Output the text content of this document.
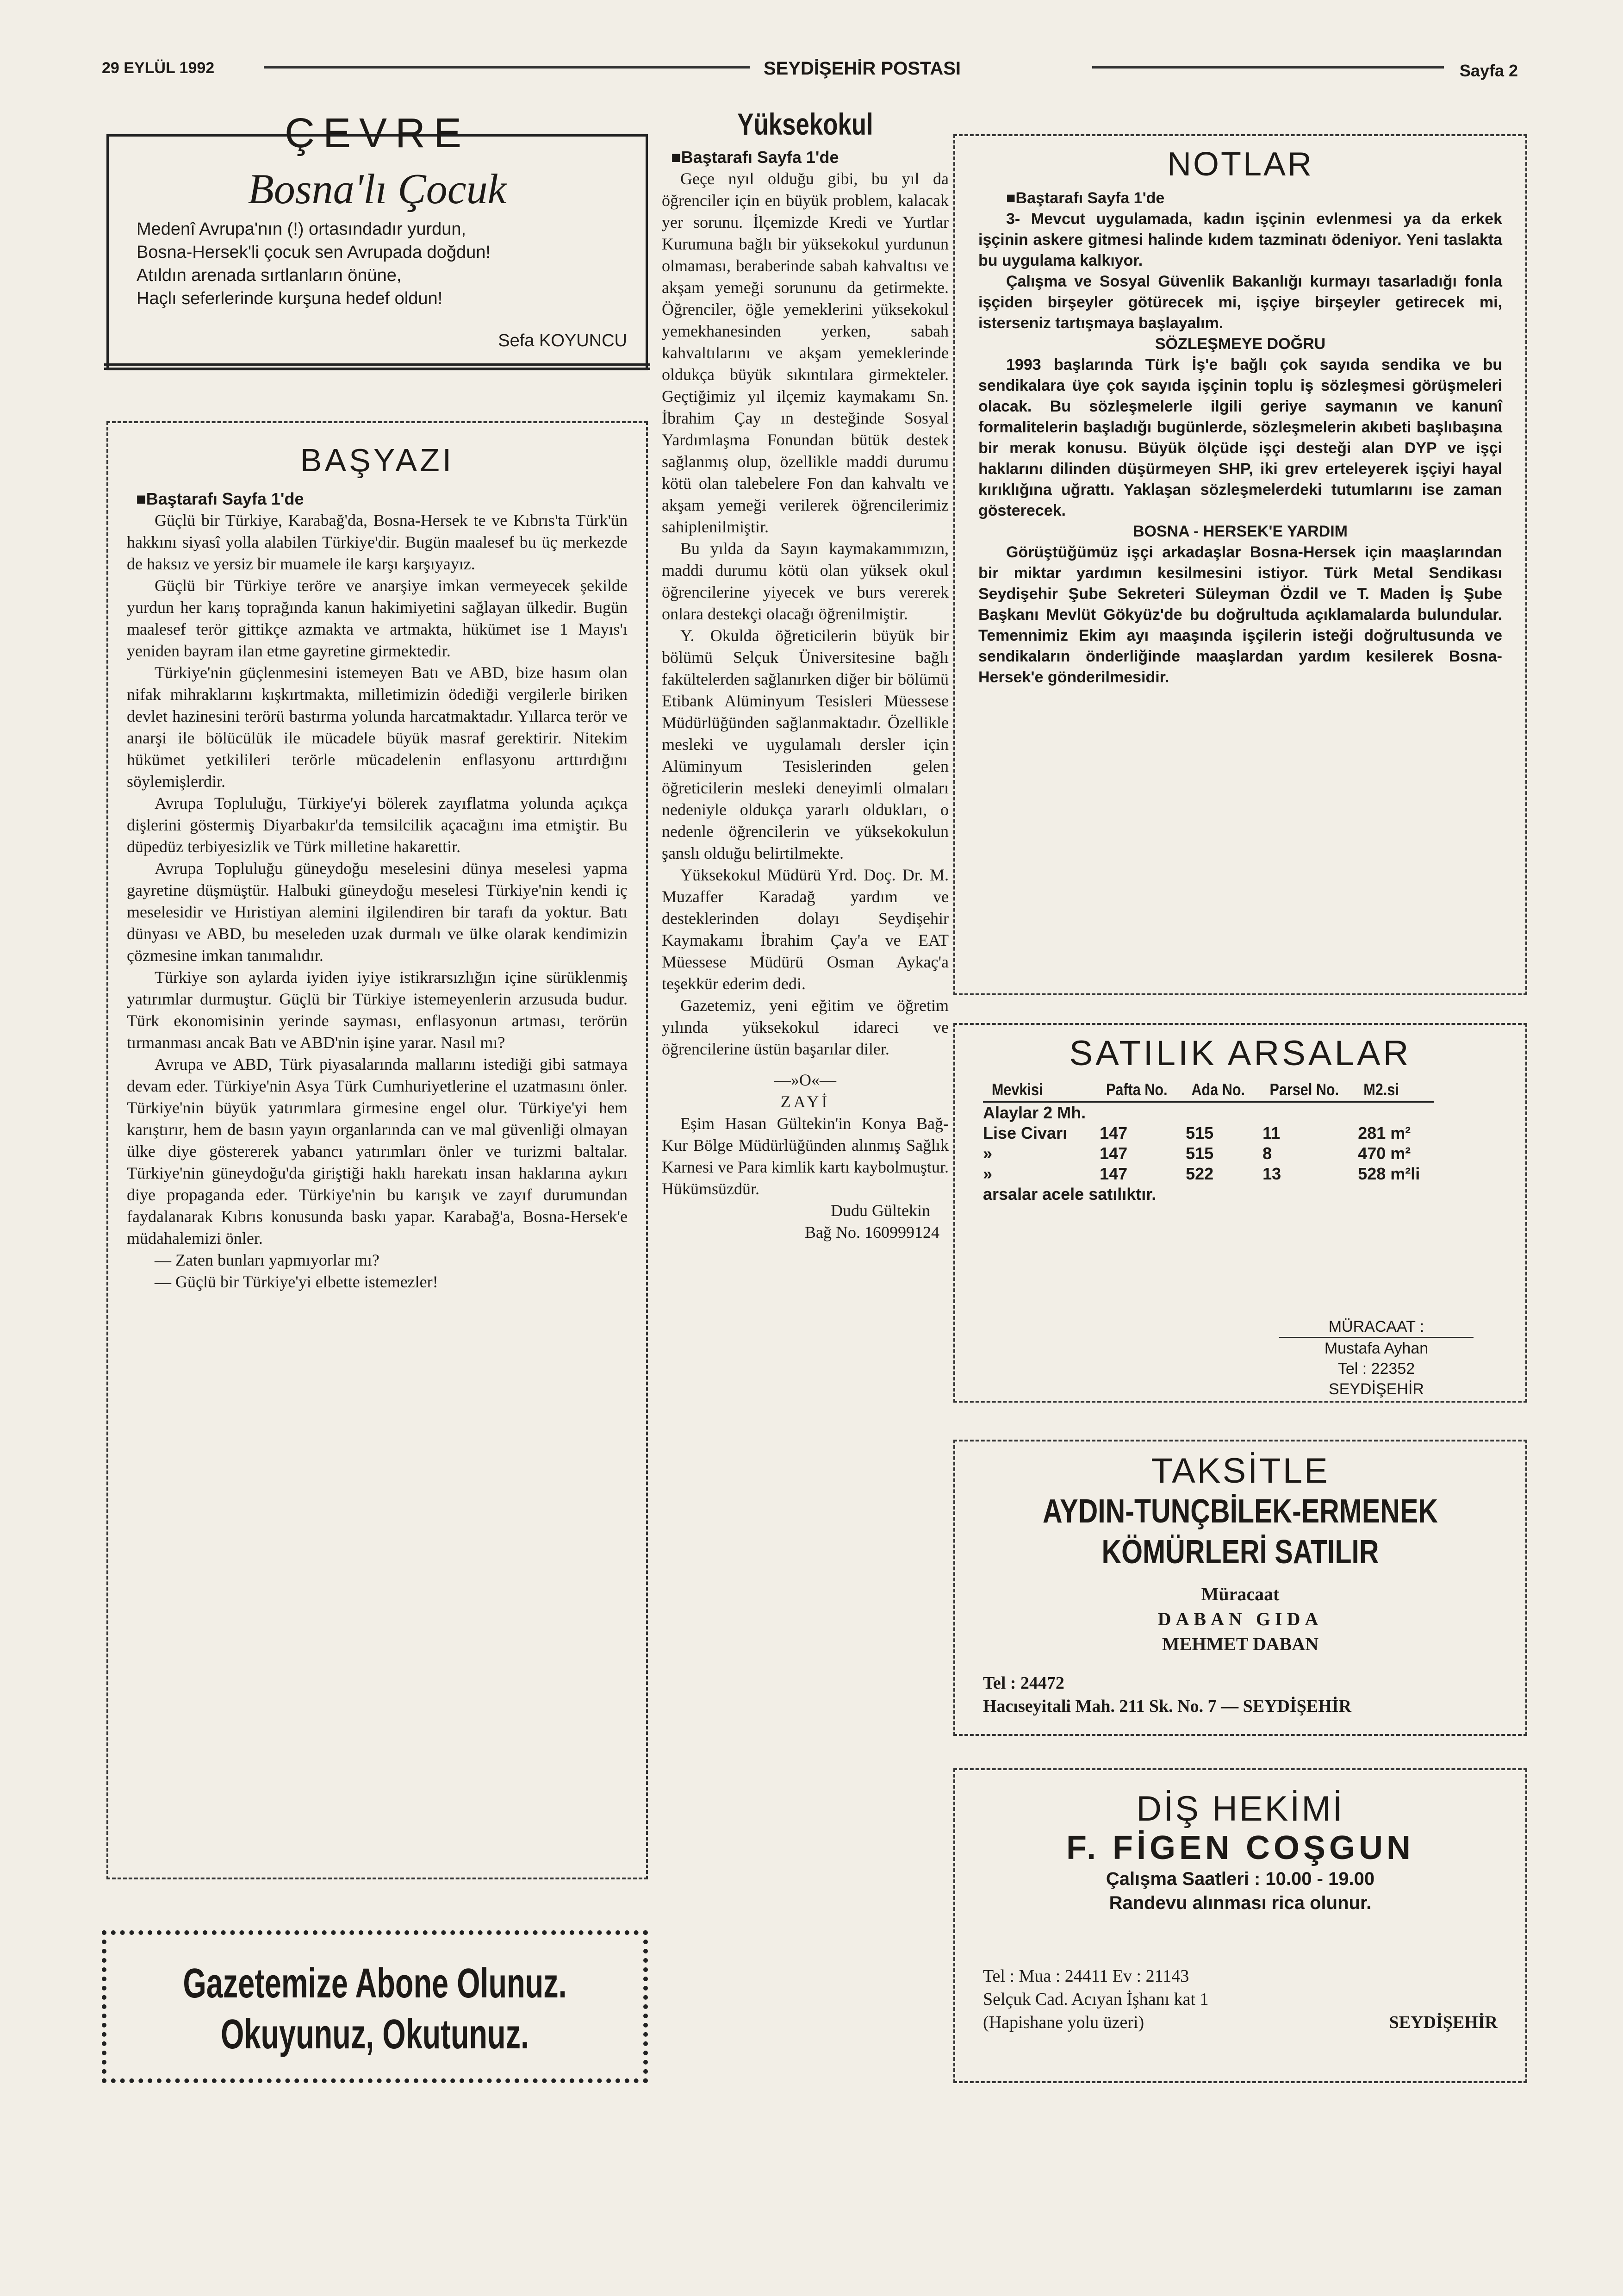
29 EYLÜL 1992	SEYDİŞEHİR POSTASI	Sayfa 2
ÇEVRE
Bosna'lı Çocuk
Medenî Avrupa'nın (!) ortasındadır yurdun,
Bosna-Hersek'li çocuk sen Avrupada doğdun!
Atıldın arenada sırtlanların önüne,
Haçlı seferlerinde kurşuna hedef oldun!
Sefa KOYUNCU
BAŞYAZI
■Baştarafı Sayfa 1'de

Güçlü bir Türkiye, Karabağ'da, Bosna-Hersek te ve Kıbrıs'ta Türk'ün hakkını siyasî yolla alabilen Türkiye'dir. Bugün maalesef bu üç merkezde de haksız ve yersiz bir muamele ile karşı karşıyayız.

Güçlü bir Türkiye teröre ve anarşiye imkan vermeyecek şekilde yurdun her karış toprağında kanun hakimiyetini sağlayan ülkedir. Bugün maalesef terör gittikçe azmakta ve artmakta, hükümet ise 1 Mayıs'ı yeniden bayram ilan etme gayretine girmektedir.

Türkiye'nin güçlenmesini istemeyen Batı ve ABD, bize hasım olan nifak mihraklarını kışkırtmakta, milletimizin ödediği vergilerle biriken devlet hazinesini terörü bastırma yolunda harcatmaktadır. Yıllarca terör ve anarşi ile bölücülük ile mücadele büyük masraf gerektirir. Nitekim hükümet yetkilileri terörle mücadelenin enflasyonu arttırdığını söylemişlerdir.

Avrupa Topluluğu, Türkiye'yi bölerek zayıflatma yolunda açıkça dişlerini göstermiş Diyarbakır'da temsilcilik açacağını ima etmiştir. Bu düpedüz terbiyesizlik ve Türk milletine hakarettir.

Avrupa Topluluğu güneydoğu meselesini dünya meselesi yapma gayretine düşmüştür. Halbuki güneydoğu meselesi Türkiye'nin kendi iç meselesidir ve Hıristiyan alemini ilgilendiren bir tarafı da yoktur. Batı dünyası ve ABD, bu meseleden uzak durmalı ve ülke olarak kendimizin çözmesine imkan tanımalıdır.

Türkiye son aylarda iyiden iyiye istikrarsızlığın içine sürüklenmiş yatırımlar durmuştur. Güçlü bir Türkiye istemeyenlerin arzusuda budur. Türk ekonomisinin yerinde sayması, enflasyonun artması, terörün tırmanması ancak Batı ve ABD'nin işine yarar. Nasıl mı?

Avrupa ve ABD, Türk piyasalarında mallarını istediği gibi satmaya devam eder. Türkiye'nin Asya Türk Cumhuriyetlerine el uzatmasını önler. Türkiye'nin büyük yatırımlara girmesine engel olur. Türkiye'yi hem karıştırır, hem de basın yayın organlarında can ve mal güvenliği olmayan ülke diye göstererek yabancı yatırımları önler ve turizmi baltalar. Türkiye'nin güneydoğu'da giriştiği haklı harekatı insan haklarına aykırı diye propaganda eder. Türkiye'nin bu karışık ve zayıf durumundan faydalanarak Kıbrıs konusunda baskı yapar. Karabağ'a, Bosna-Hersek'e müdahalemizi önler.

— Zaten bunları yapmıyorlar mı?

— Güçlü bir Türkiye'yi elbette istemezler!

Gazetemize Abone Olunuz.
Okuyunuz, Okutunuz.
Yüksekokul
■Baştarafı Sayfa 1'de

Geçe nyıl olduğu gibi, bu yıl da öğrenciler için en büyük problem, kalacak yer sorunu. İlçemizde Kredi ve Yurtlar Kurumuna bağlı bir yüksekokul yurdunun olmaması, beraberinde sabah kahvaltısı ve akşam yemeği sorununu da getirmekte. Öğrenciler, öğle yemeklerini yüksekokul yemekhanesinden yerken, sabah kahvaltılarını ve akşam yemeklerinde oldukça büyük sıkıntılara girmekteler. Geçtiğimiz yıl ilçemiz kaymakamı Sn. İbrahim Çay ın desteğinde Sosyal Yardımlaşma Fonundan bütük destek sağlanmış olup, özellikle maddi durumu kötü olan talebelere Fon dan kahvaltı ve akşam yemeği verilerek öğrencilerimiz sahiplenilmiştir.

Bu yılda da Sayın kaymakamımızın, maddi durumu kötü olan yüksek okul öğrencilerine yiyecek ve burs vererek onlara destekçi olacağı öğrenilmiştir.

Y. Okulda öğreticilerin büyük bir bölümü Selçuk Üniversitesine bağlı fakültelerden sağlanırken diğer bir bölümü Etibank Alüminyum Tesisleri Müessese Müdürlüğünden sağlanmaktadır. Özellikle mesleki ve uygulamalı dersler için Alüminyum Tesislerinden gelen öğreticilerin mesleki deneyimli olmaları nedeniyle oldukça yararlı oldukları, o nedenle öğrencilerin ve yüksekokulun şanslı olduğu belirtilmekte.

Yüksekokul Müdürü Yrd. Doç. Dr. M. Muzaffer Karadağ yardım ve desteklerinden dolayı Seydişehir Kaymakamı İbrahim Çay'a ve EAT Müessese Müdürü Osman Aykaç'a teşekkür ederim dedi.

Gazetemiz, yeni eğitim ve öğretim yılında yüksekokul idareci ve öğrencilerine üstün başarılar diler.

—»O«—
ZAYİ

Eşim Hasan Gültekin'in Konya Bağ-Kur Bölge Müdürlüğünden alınmış Sağlık Karnesi ve Para kimlik kartı kaybolmuştur. Hükümsüzdür.

Dudu Gültekin
Bağ No. 160999124
NOTLAR
■Baştarafı Sayfa 1'de

3- Mevcut uygulamada, kadın işçinin evlenmesi ya da erkek işçinin askere gitmesi halinde kıdem tazminatı ödeniyor. Yeni taslakta bu uygulama kalkıyor.

Çalışma ve Sosyal Güvenlik Bakanlığı kurmayı tasarladığı fonla işçiden birşeyler götürecek mi, işçiye birşeyler getirecek mi, isterseniz tartışmaya başlayalım.

SÖZLEŞMEYE DOĞRU

1993 başlarında Türk İş'e bağlı çok sayıda sendika ve bu sendikalara üye çok sayıda işçinin toplu iş sözleşmesi görüşmeleri olacak. Bu sözleşmelerle ilgili geriye saymanın ve kanunî formalitelerin başladığı bugünlerde, sözleşmelerin akıbeti başlıbaşına bir merak konusu. Büyük ölçüde işçi desteği alan DYP ve işçi haklarını dilinden düşürmeyen SHP, iki grev erteleyerek işçiyi hayal kırıklığına uğrattı. Yaklaşan sözleşmelerdeki tutumlarını ise zaman gösterecek.

BOSNA - HERSEK'E YARDIM

Görüştüğümüz işçi arkadaşlar Bosna-Hersek için maaşlarından bir miktar yardımın kesilmesini istiyor. Türk Metal Sendikası Seydişehir Şube Sekreteri Süleyman Özdil ve T. Maden İş Şube Başkanı Mevlüt Gökyüz'de bu doğrultuda açıklamalarda bulundular. Temennimiz Ekim ayı maaşında işçilerin isteği doğrultusunda ve sendikaların önderliğinde maaşlardan yardım kesilerek Bosna-Hersek'e gönderilmesidir.

SATILIK ARSALAR
Mevkisi	Pafta No.	Ada No.	Parsel No.	M2.si
Alaylar 2 Mh.				
Lise Civarı	147	515	11	281 m²
»	147	515	8	470 m²
»	147	522	13	528 m²li
arsalar acele satılıktır.				
MÜRACAAT :
Mustafa Ayhan
Tel : 22352
SEYDİŞEHİR
TAKSİTLE
AYDIN-TUNÇBİLEK-ERMENEK
KÖMÜRLERİ SATILIR
Müracaat
DABAN GIDA
MEHMET DABAN
Tel : 24472
Hacıseyitali Mah. 211 Sk. No. 7 — SEYDİŞEHİR
DİŞ HEKİMİ
F. FİGEN COŞGUN
Çalışma Saatleri : 10.00 - 19.00
Randevu alınması rica olunur.
Tel : Mua : 24411 Ev : 21143
Selçuk Cad. Acıyan İşhanı kat 1
(Hapishane yolu üzeri)	SEYDİŞEHİR
